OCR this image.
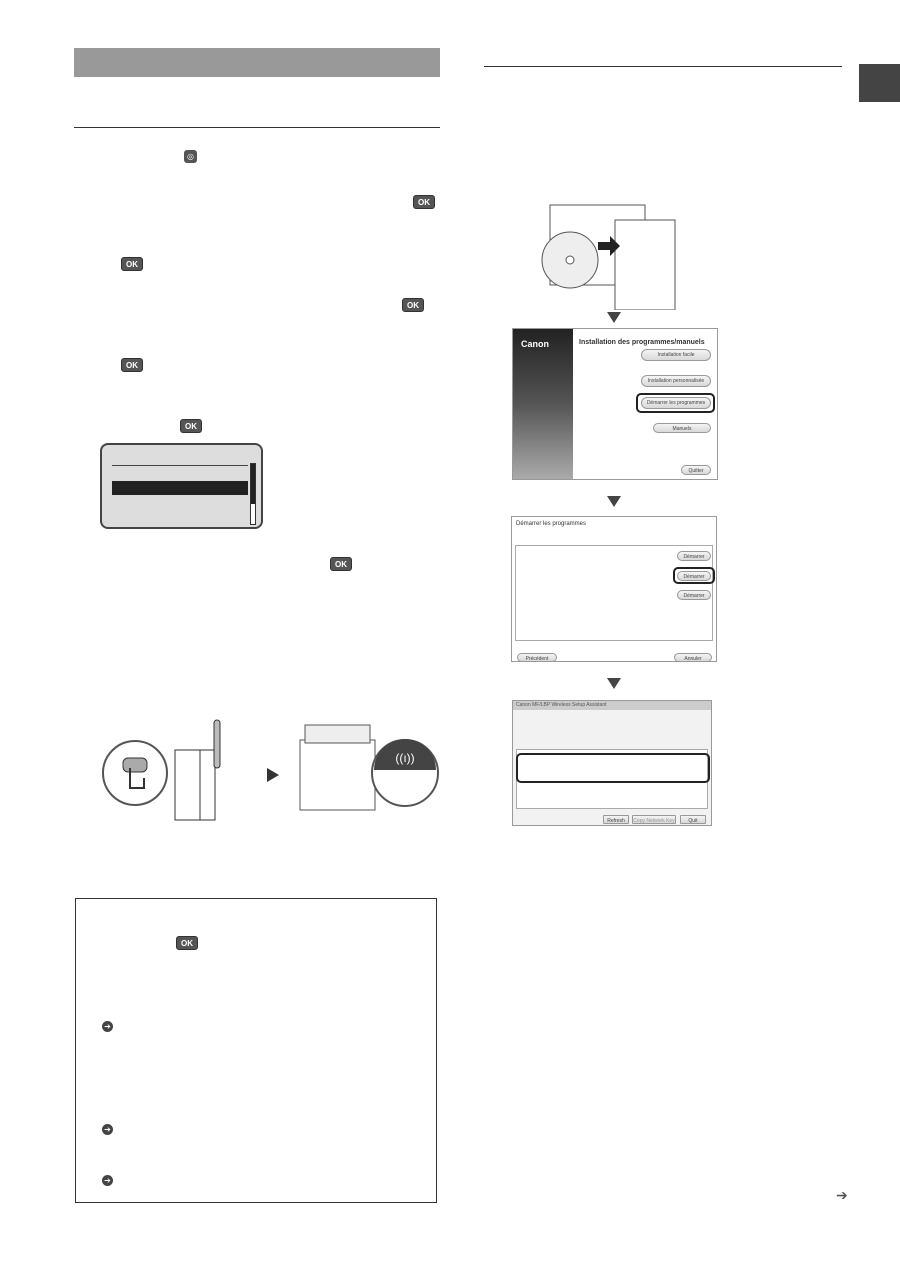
◎
OK
OK
OK
OK
OK
OK
((ı))
OK
➔
➔
➔
Canon	Installation des programmes/manuels
Installation facile
Installation personnalisée
Démarrer les programmes
Manuels
Quitter
Démarrer les programmes
Démarrer
Démarrer
Démarrer
Précédent	Annuler
Canon MF/LBP Wireless Setup Assistant
Refresh	Copy Network Key	Quit
➔
